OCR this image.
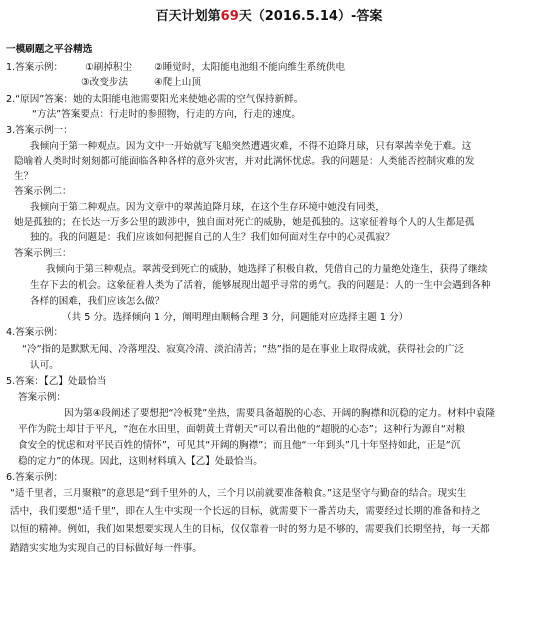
百天计划第69天（2016.5.14）-答案
一模刷题之平谷精选
1.答案示例： ①刷掉积尘 ②睡觉时，太阳能电池组不能向维生系统供电
③改变步法	④爬上山顶
2.“原因”答案：她的太阳能电池需要阳光来使她必需的空气保持新鲜。
“方法”答案要点：行走时的参照物，行走的方向，行走的速度。
3.答案示例一：
我倾向于第一种观点。因为文中一开始就写飞船突然遭遇灾难，不得不迫降月球，只有翠茜幸免于难。这
隐喻着人类时时刻刻都可能面临各种各样的意外灾害，并对此满怀忧虑。我的问题是：人类能否控制灾难的发
生？
答案示例二：
我倾向于第二种观点。因为文章中的翠茜迫降月球，在这个生存环境中她没有同类，
她是孤独的；在长达一万多公里的跋涉中，独自面对死亡的威胁，她是孤独的。这家征着每个人的人生都是孤
独的。我的问题是：我们应该如何把握自己的人生？我们如何面对生存中的心灵孤寂？
答案示例三：
我倾向于第三种观点。翠茜受到死亡的威胁，她选择了积极自救，凭借自己的力量绝处逢生，获得了继续
生存下去的机会。这象征着人类为了活着，能够展现出超乎寻常的勇气。我的问题是：人的一生中会遇到各种
各样的困难，我们应该怎么做？
（共 5 分。选择倾向 1 分，阐明理由顺畅合理 3 分，问题能对应选择主题 1 分）
4.答案示例：
“冷”指的是默默无闻、冷落埋没、寂寞冷清、淡泊清苦；“热”指的是在事业上取得成就，获得社会的广泛
认可。
5.答案：【乙】处最恰当
答案示例：
因为第④段阐述了要想把“冷板凳”坐热，需要具备超脱的心态、开阔的胸襟和沉稳的定力。材料中袁隆
平作为院士却甘于平凡，“泡在水田里，面朝黄土背朝天”可以看出他的“超脱的心态”；这种行为源自“对粮
食安全的忧虑和对平民百姓的情怀”，可见其“开阔的胸襟”；而且他“一年到头”几十年坚持如此，正是“沉
稳的定力”的体现。因此，这则材料填入【乙】处最恰当。
6.答案示例：
“适千里者，三月聚粮”的意思是“到千里外的人，三个月以前就要准备粮食。”这是坚守与勤奋的结合。现实生
活中，我们要想“适千里”，即在人生中实现一个长远的目标，就需要下一番苦功夫，需要经过长期的准备和持之
以恒的精神。例如，我们如果想要实现人生的目标，仅仅靠着一时的努力是不够的，需要我们长期坚持，每一天都
踏踏实实地为实现自己的目标做好每一件事。
